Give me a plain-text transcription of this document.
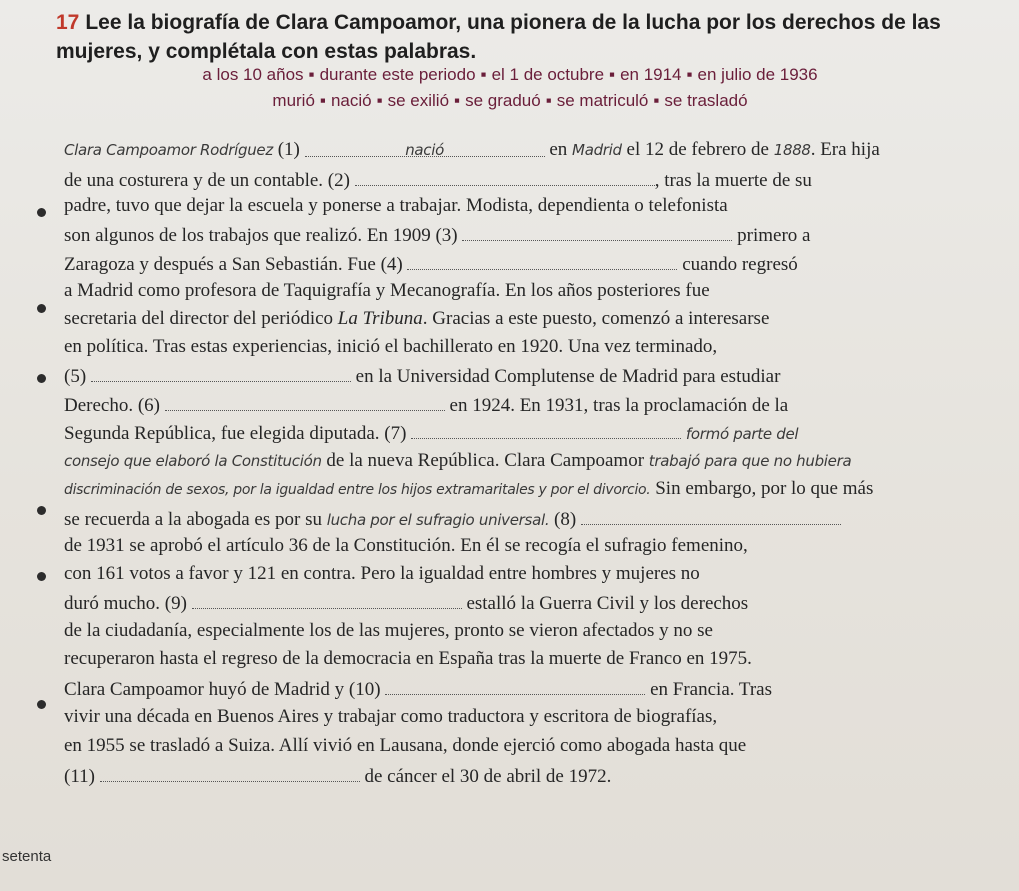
17 Lee la biografía de Clara Campoamor, una pionera de la lucha por los derechos de las mujeres, y complétala con estas palabras.
a los 10 años ▪ durante este periodo ▪ el 1 de octubre ▪ en 1914 ▪ en julio de 1936
murió ▪ nació ▪ se exilió ▪ se graduó ▪ se matriculó ▪ se trasladó
Clara Campoamor Rodríguez (1)	nació	en Madrid el 12 de febrero de 1888. Era hija
de una costurera y de un contable. (2)	, tras la muerte de su
padre, tuvo que dejar la escuela y ponerse a trabajar. Modista, dependienta o telefonista
son algunos de los trabajos que realizó. En 1909 (3)	primero a
Zaragoza y después a San Sebastián. Fue (4)	cuando regresó
a Madrid como profesora de Taquigrafía y Mecanografía. En los años posteriores fue
secretaria del director del periódico La Tribuna. Gracias a este puesto, comenzó a interesarse
en política. Tras estas experiencias, inició el bachillerato en 1920. Una vez terminado,
(5)	en la Universidad Complutense de Madrid para estudiar
Derecho. (6)	en 1924. En 1931, tras la proclamación de la
Segunda República, fue elegida diputada. (7)	formó parte del
consejo que elaboró la Constitución de la nueva República. Clara Campoamor trabajó para que no hubiera
discriminación de sexos, por la igualdad entre los hijos extramaritales y por el divorcio. Sin embargo, por lo que más
se recuerda a la abogada es por su lucha por el sufragio universal. (8)
de 1931 se aprobó el artículo 36 de la Constitución. En él se recogía el sufragio femenino,
con 161 votos a favor y 121 en contra. Pero la igualdad entre hombres y mujeres no
duró mucho. (9)	estalló la Guerra Civil y los derechos
de la ciudadanía, especialmente los de las mujeres, pronto se vieron afectados y no se
recuperaron hasta el regreso de la democracia en España tras la muerte de Franco en 1975.
Clara Campoamor huyó de Madrid y (10)	en Francia. Tras
vivir una década en Buenos Aires y trabajar como traductora y escritora de biografías,
en 1955 se trasladó a Suiza. Allí vivió en Lausana, donde ejerció como abogada hasta que
(11)	de cáncer el 30 de abril de 1972.
setenta
